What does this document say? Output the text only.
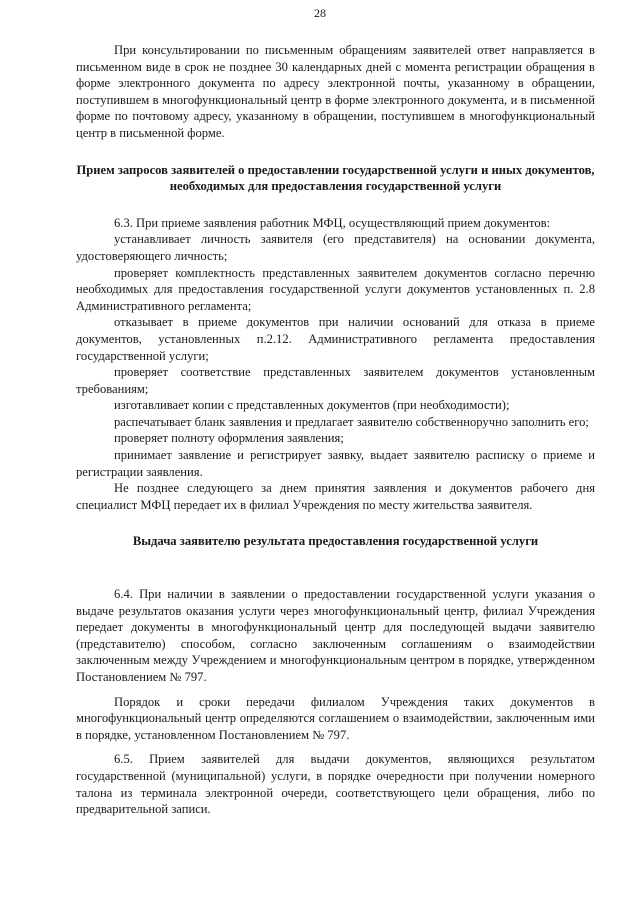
28

При консультировании по письменным обращениям заявителей ответ направляется в письменном виде в срок не позднее 30 календарных дней с момента регистрации обращения в форме электронного документа по адресу электронной почты, указанному в обращении, поступившем в многофункциональный центр в форме электронного документа, и в письменной форме по почтовому адресу, указанному в обращении, поступившем в многофункциональный центр в письменной форме.

Прием запросов заявителей о предоставлении государственной услуги и иных документов, необходимых для предоставления государственной услуги

6.3. При приеме заявления работник МФЦ, осуществляющий прием документов:

устанавливает личность заявителя (его представителя) на основании документа, удостоверяющего личность;

проверяет комплектность представленных заявителем документов согласно перечню необходимых для предоставления государственной услуги документов установленных п. 2.8 Административного регламента;

отказывает в приеме документов при наличии оснований для отказа в приеме документов, установленных п.2.12. Административного регламента предоставления государственной услуги;

проверяет соответствие представленных заявителем документов установленным требованиям;

изготавливает копии с представленных документов (при необходимости);

распечатывает бланк заявления и предлагает заявителю собственноручно заполнить его;

проверяет полноту оформления заявления;

принимает заявление и регистрирует заявку, выдает заявителю расписку о приеме и регистрации заявления.

Не позднее следующего за днем принятия заявления и документов рабочего дня специалист МФЦ передает их в филиал Учреждения по месту жительства заявителя.

Выдача заявителю результата предоставления государственной услуги

6.4. При наличии в заявлении о предоставлении государственной услуги указания о выдаче результатов оказания услуги через многофункциональный центр, филиал Учреждения передает документы в многофункциональный центр для последующей выдачи заявителю (представителю) способом, согласно заключенным соглашениям о взаимодействии заключенным между Учреждением и многофункциональным центром в порядке, утвержденном Постановлением № 797.

Порядок и сроки передачи филиалом Учреждения таких документов в многофункциональный центр определяются соглашением о взаимодействии, заключенным ими в порядке, установленном Постановлением № 797.

6.5. Прием заявителей для выдачи документов, являющихся результатом государственной (муниципальной) услуги, в порядке очередности при получении номерного талона из терминала электронной очереди, соответствующего цели обращения, либо по предварительной записи.
